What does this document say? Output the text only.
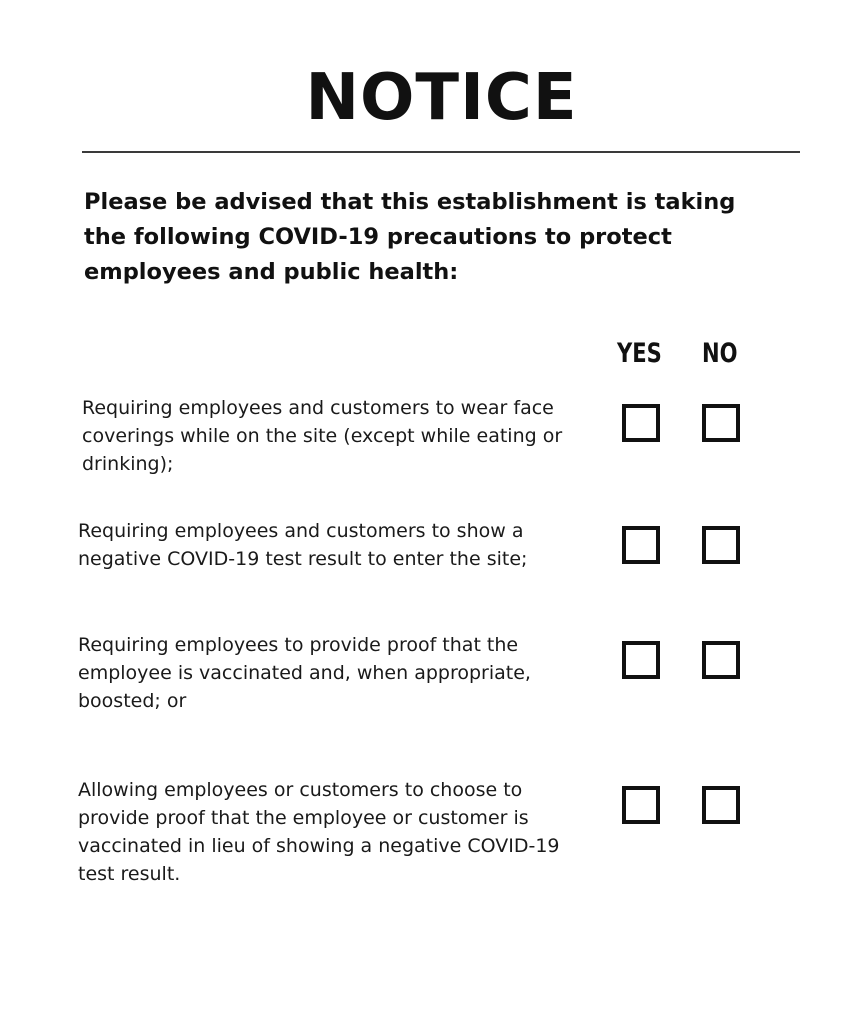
NOTICE
Please be advised that this establishment is taking the following COVID-19 precautions to protect employees and public health:
YES NO
Requiring employees and customers to wear face coverings while on the site (except while eating or drinking);
Requiring employees and customers to show a negative COVID-19 test result to enter the site;
Requiring employees to provide proof that the employee is vaccinated and, when appropriate, boosted; or
Allowing employees or customers to choose to provide proof that the employee or customer is vaccinated in lieu of showing a negative COVID-19 test result.
